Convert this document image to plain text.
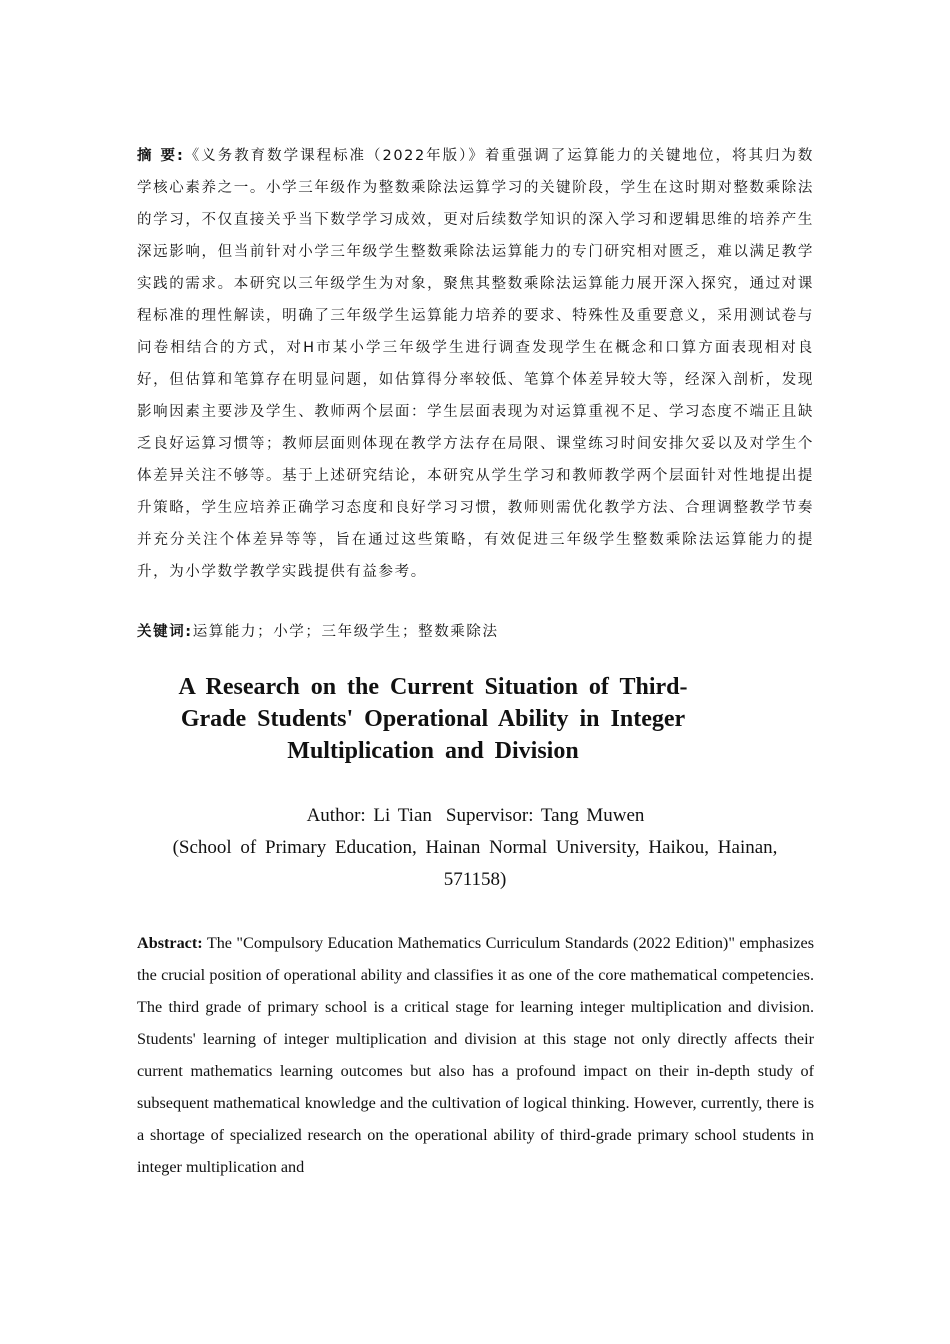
摘 要:《义务教育数学课程标准（2022年版）》着重强调了运算能力的关键地位，将其归为数学核心素养之一。小学三年级作为整数乘除法运算学习的关键阶段，学生在这时期对整数乘除法的学习，不仅直接关乎当下数学学习成效，更对后续数学知识的深入学习和逻辑思维的培养产生深远影响，但当前针对小学三年级学生整数乘除法运算能力的专门研究相对匮乏，难以满足教学实践的需求。本研究以三年级学生为对象，聚焦其整数乘除法运算能力展开深入探究，通过对课程标准的理性解读，明确了三年级学生运算能力培养的要求、特殊性及重要意义，采用测试卷与问卷相结合的方式，对H市某小学三年级学生进行调查发现学生在概念和口算方面表现相对良好，但估算和笔算存在明显问题，如估算得分率较低、笔算个体差异较大等，经深入剖析，发现影响因素主要涉及学生、教师两个层面：学生层面表现为对运算重视不足、学习态度不端正且缺乏良好运算习惯等；教师层面则体现在教学方法存在局限、课堂练习时间安排欠妥以及对学生个体差异关注不够等。基于上述研究结论，本研究从学生学习和教师教学两个层面针对性地提出提升策略，学生应培养正确学习态度和良好学习习惯，教师则需优化教学方法、合理调整教学节奏并充分关注个体差异等等，旨在通过这些策略，有效促进三年级学生整数乘除法运算能力的提升，为小学数学教学实践提供有益参考。

关键词:运算能力；小学；三年级学生；整数乘除法

A Research on the Current Situation of Third-Grade Students' Operational Ability in Integer Multiplication and Division

Author: Li Tian Supervisor: Tang Muwen

(School of Primary Education, Hainan Normal University, Haikou, Hainan, 571158)

Abstract: The "Compulsory Education Mathematics Curriculum Standards (2022 Edition)" emphasizes the crucial position of operational ability and classifies it as one of the core mathematical competencies. The third grade of primary school is a critical stage for learning integer multiplication and division. Students' learning of integer multiplication and division at this stage not only directly affects their current mathematics learning outcomes but also has a profound impact on their in-depth study of subsequent mathematical knowledge and the cultivation of logical thinking. However, currently, there is a shortage of specialized research on the operational ability of third-grade primary school students in integer multiplication and
